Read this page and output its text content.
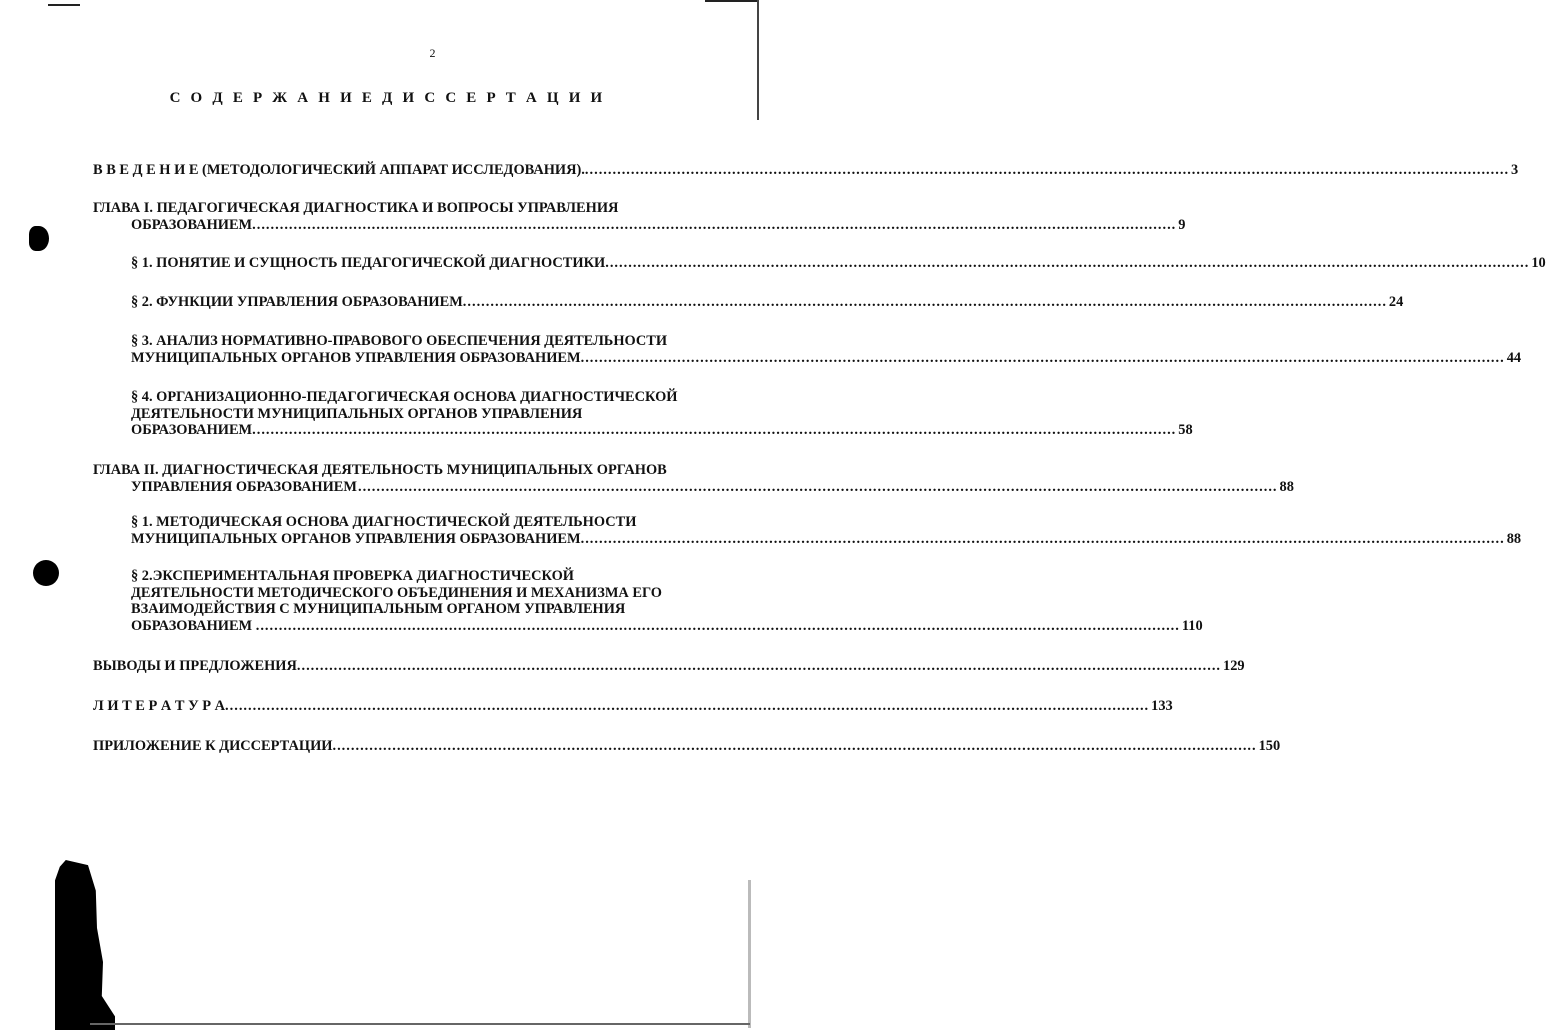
2
С О Д Е Р Ж А Н И Е Д И С С Е Р Т А Ц И И
В В Е Д Е Н И Е (МЕТОДОЛОГИЧЕСКИЙ АППАРАТ ИССЛЕДОВАНИЯ).. ........................................................................................................................................................................................................ 3
ГЛАВА I. ПЕДАГОГИЧЕСКАЯ ДИАГНОСТИКА И ВОПРОСЫ УПРАВЛЕНИЯ
ОБРАЗОВАНИЕМ. ........................................................................................................................................................................................................ 9
§ 1. ПОНЯТИЕ И СУЩНОСТЬ ПЕДАГОГИЧЕСКОЙ ДИАГНОСТИКИ. ........................................................................................................................................................................................................ 10
§ 2. ФУНКЦИИ УПРАВЛЕНИЯ ОБРАЗОВАНИЕМ. ........................................................................................................................................................................................................ 24
§ 3. АНАЛИЗ НОРМАТИВНО-ПРАВОВОГО ОБЕСПЕЧЕНИЯ ДЕЯТЕЛЬНОСТИ
МУНИЦИПАЛЬНЫХ ОРГАНОВ УПРАВЛЕНИЯ ОБРАЗОВАНИЕМ. ........................................................................................................................................................................................................ 44
§ 4. ОРГАНИЗАЦИОННО-ПЕДАГОГИЧЕСКАЯ ОСНОВА ДИАГНОСТИЧЕСКОЙ
ДЕЯТЕЛЬНОСТИ МУНИЦИПАЛЬНЫХ ОРГАНОВ УПРАВЛЕНИЯ
ОБРАЗОВАНИЕМ. ........................................................................................................................................................................................................ 58
ГЛАВА II. ДИАГНОСТИЧЕСКАЯ ДЕЯТЕЛЬНОСТЬ МУНИЦИПАЛЬНЫХ ОРГАНОВ
УПРАВЛЕНИЯ ОБРАЗОВАНИЕМ ........................................................................................................................................................................................................ 88
§ 1. МЕТОДИЧЕСКАЯ ОСНОВА ДИАГНОСТИЧЕСКОЙ ДЕЯТЕЛЬНОСТИ
МУНИЦИПАЛЬНЫХ ОРГАНОВ УПРАВЛЕНИЯ ОБРАЗОВАНИЕМ. ........................................................................................................................................................................................................ 88
§ 2.ЭКСПЕРИМЕНТАЛЬНАЯ ПРОВЕРКА ДИАГНОСТИЧЕСКОЙ
ДЕЯТЕЛЬНОСТИ МЕТОДИЧЕСКОГО ОБЪЕДИНЕНИЯ И МЕХАНИЗМА ЕГО
ВЗАИМОДЕЙСТВИЯ С МУНИЦИПАЛЬНЫМ ОРГАНОМ УПРАВЛЕНИЯ
ОБРАЗОВАНИЕМ . ........................................................................................................................................................................................................ 110
ВЫВОДЫ И ПРЕДЛОЖЕНИЯ. ........................................................................................................................................................................................................ 129
Л И Т Е Р А Т У Р А. ........................................................................................................................................................................................................ 133
ПРИЛОЖЕНИЕ К ДИССЕРТАЦИИ. ........................................................................................................................................................................................................ 150
